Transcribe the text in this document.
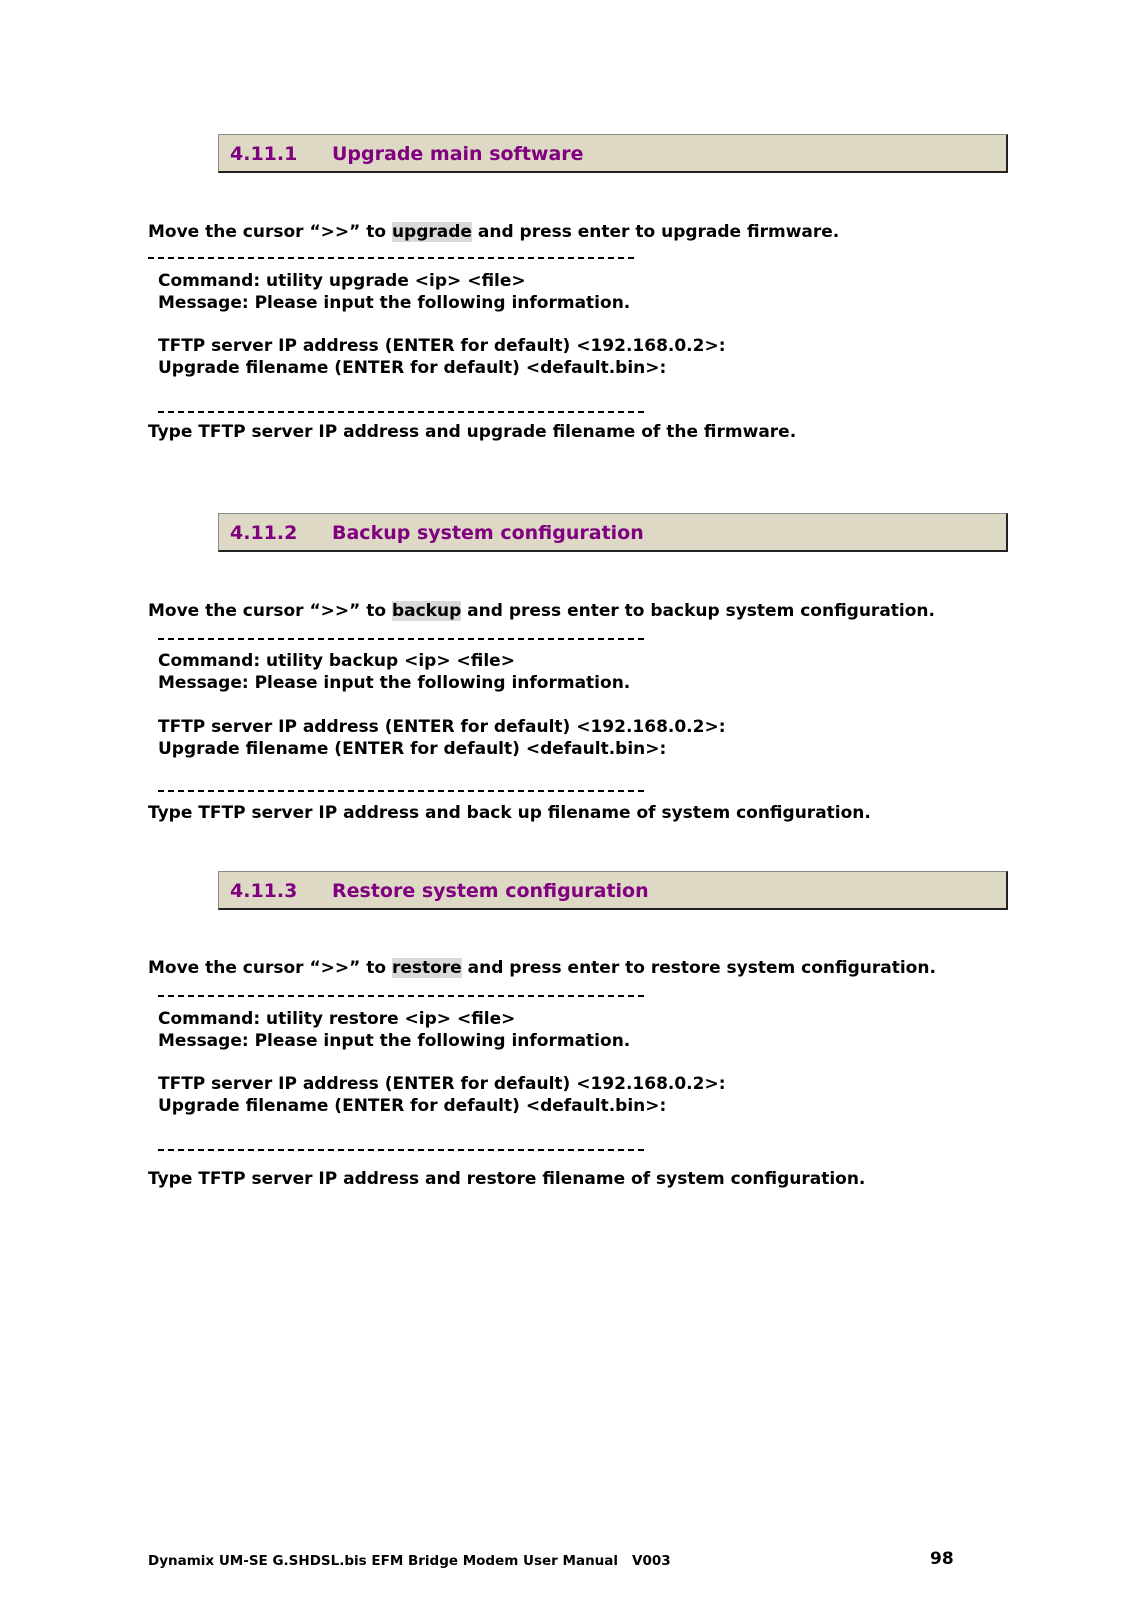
4.11.1 Upgrade main software
Move the cursor “>>” to upgrade and press enter to upgrade firmware.
Command: utility upgrade <ip> <file>
Message: Please input the following information.
TFTP server IP address (ENTER for default) <192.168.0.2>:
Upgrade filename (ENTER for default) <default.bin>:
Type TFTP server IP address and upgrade filename of the firmware.
4.11.2 Backup system configuration
Move the cursor “>>” to backup and press enter to backup system configuration.
Command: utility backup <ip> <file>
Message: Please input the following information.
TFTP server IP address (ENTER for default) <192.168.0.2>:
Upgrade filename (ENTER for default) <default.bin>:
Type TFTP server IP address and back up filename of system configuration.
4.11.3 Restore system configuration
Move the cursor “>>” to restore and press enter to restore system configuration.
Command: utility restore <ip> <file>
Message: Please input the following information.
TFTP server IP address (ENTER for default) <192.168.0.2>:
Upgrade filename (ENTER for default) <default.bin>:
Type TFTP server IP address and restore filename of system configuration.
Dynamix UM-SE G.SHDSL.bis EFM Bridge Modem User Manual V003	98
